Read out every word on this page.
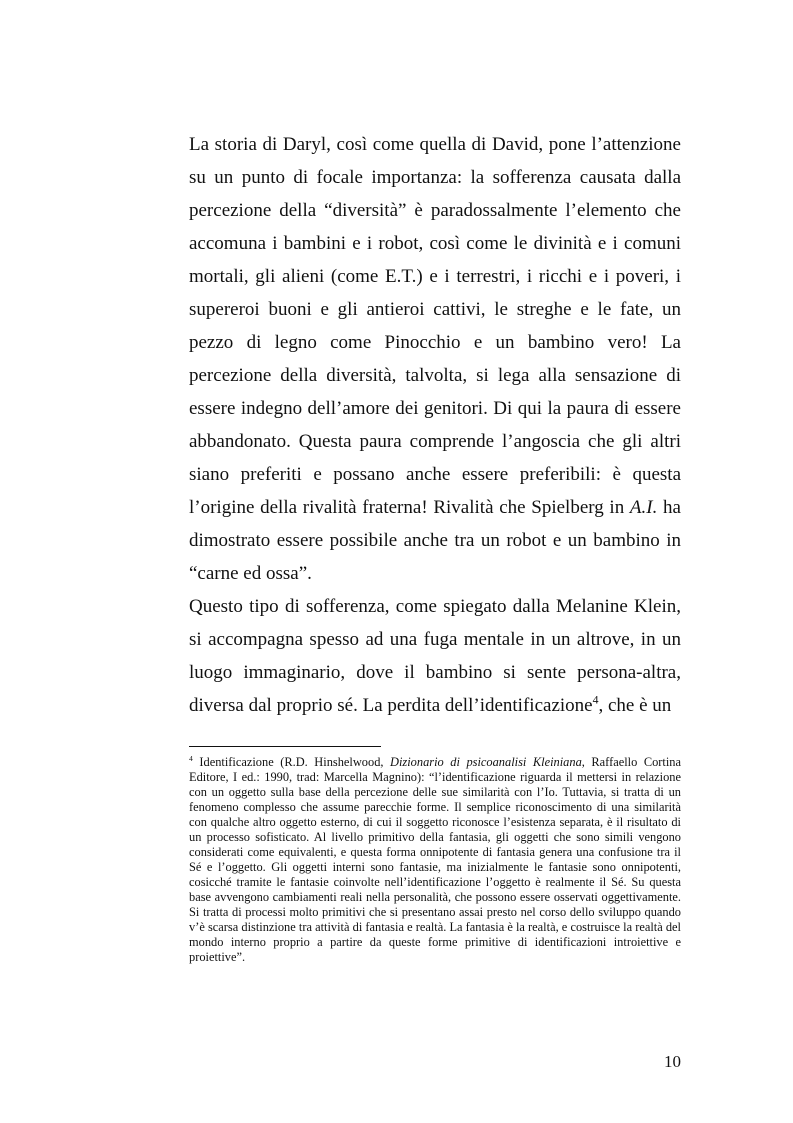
La storia di Daryl, così come quella di David, pone l’attenzione su un punto di focale importanza: la sofferenza causata dalla percezione della “diversità” è paradossalmente l’elemento che accomuna i bambini e i robot, così come le divinità e i comuni mortali, gli alieni (come E.T.) e i terrestri, i ricchi e i poveri, i supereroi buoni e gli antieroi cattivi, le streghe e le fate, un pezzo di legno come Pinocchio e un bambino vero! La percezione della diversità, talvolta, si lega alla sensazione di essere indegno dell’amore dei genitori. Di qui la paura di essere abbandonato. Questa paura comprende l’angoscia che gli altri siano preferiti e possano anche essere preferibili: è questa l’origine della rivalità fraterna! Rivalità che Spielberg in A.I. ha dimostrato essere possibile anche tra un robot e un bambino in “carne ed ossa”.

Questo tipo di sofferenza, come spiegato dalla Melanine Klein, si accompagna spesso ad una fuga mentale in un altrove, in un luogo immaginario, dove il bambino si sente persona-altra, diversa dal proprio sé. La perdita dell’identificazione$^4$, che è un

$^4$ Identificazione (R.D. Hinshelwood, Dizionario di psicoanalisi Kleiniana, Raffaello Cortina Editore, I ed.: 1990, trad: Marcella Magnino): “l’identificazione riguarda il mettersi in relazione con un oggetto sulla base della percezione delle sue similarità con l’Io. Tuttavia, si tratta di un fenomeno complesso che assume parecchie forme. Il semplice riconoscimento di una similarità con qualche altro oggetto esterno, di cui il soggetto riconosce l’esistenza separata, è il risultato di un processo sofisticato. Al livello primitivo della fantasia, gli oggetti che sono simili vengono considerati come equivalenti, e questa forma onnipotente di fantasia genera una confusione tra il Sé e l’oggetto. Gli oggetti interni sono fantasie, ma inizialmente le fantasie sono onnipotenti, cosicché tramite le fantasie coinvolte nell’identificazione l’oggetto è realmente il Sé. Su questa base avvengono cambiamenti reali nella personalità, che possono essere osservati oggettivamente. Si tratta di processi molto primitivi che si presentano assai presto nel corso dello sviluppo quando v’è scarsa distinzione tra attività di fantasia e realtà. La fantasia è la realtà, e costruisce la realtà del mondo interno proprio a partire da queste forme primitive di identificazioni introiettive e proiettive”.

10
